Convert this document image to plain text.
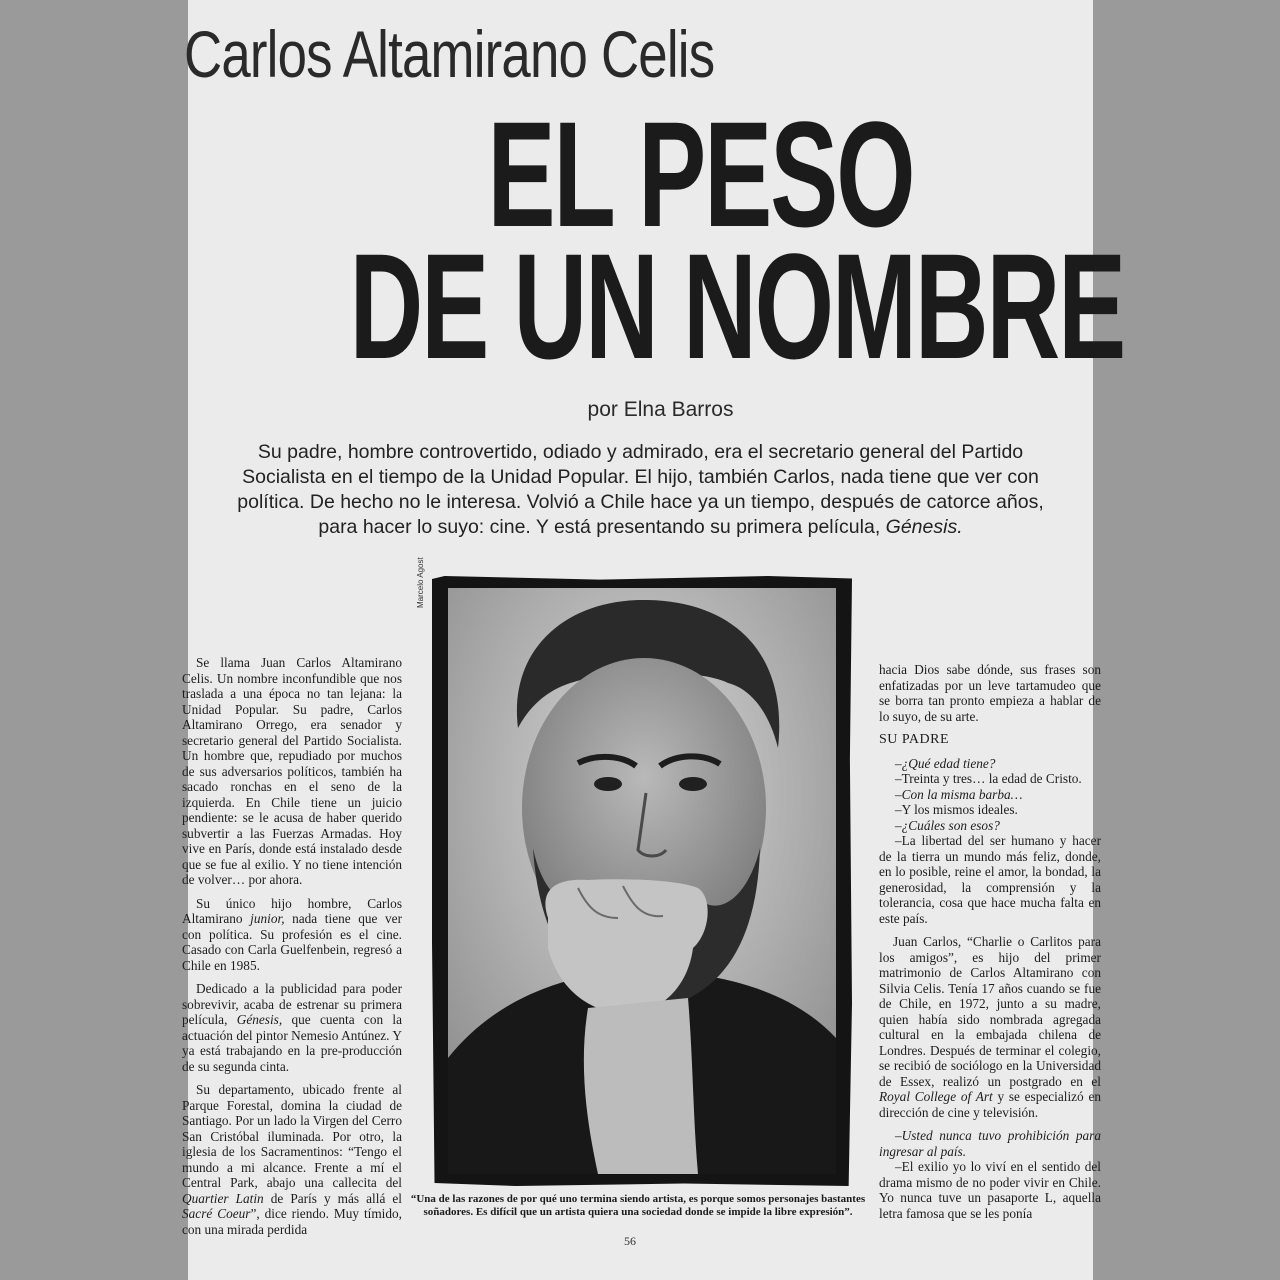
Carlos Altamirano Celis
EL PESO
DE UN NOMBRE
por Elna Barros
Su padre, hombre controvertido, odiado y admirado, era el secretario general del Partido Socialista en el tiempo de la Unidad Popular. El hijo, también Carlos, nada tiene que ver con política. De hecho no le interesa. Volvió a Chile hace ya un tiempo, después de catorce años, para hacer lo suyo: cine. Y está presentando su primera película, Génesis.

Se llama Juan Carlos Altamirano Celis. Un nombre inconfundible que nos traslada a una época no tan lejana: la Unidad Popular. Su padre, Carlos Altamirano Orrego, era senador y secretario general del Partido Socialista. Un hombre que, repudiado por muchos de sus adversarios políticos, también ha sacado ronchas en el seno de la izquierda. En Chile tiene un juicio pendiente: se le acusa de haber querido subvertir a las Fuerzas Armadas. Hoy vive en París, donde está instalado desde que se fue al exilio. Y no tiene intención de volver… por ahora.

Su único hijo hombre, Carlos Altamirano junior, nada tiene que ver con política. Su profesión es el cine. Casado con Carla Guelfenbein, regresó a Chile en 1985.

Dedicado a la publicidad para poder sobrevivir, acaba de estrenar su primera película, Génesis, que cuenta con la actuación del pintor Nemesio Antúnez. Y ya está trabajando en la pre-producción de su segunda cinta.

Su departamento, ubicado frente al Parque Forestal, domina la ciudad de Santiago. Por un lado la Virgen del Cerro San Cristóbal iluminada. Por otro, la iglesia de los Sacramentinos: “Tengo el mundo a mi alcance. Frente a mí el Central Park, abajo una callecita del Quartier Latin de París y más allá el Sacré Coeur”, dice riendo. Muy tímido, con una mirada perdida

Marcelo Agost
“Una de las razones de por qué uno termina siendo artista, es porque somos personajes bastantes soñadores. Es difícil que un artista quiera una sociedad donde se impide la libre expresión”.

hacia Dios sabe dónde, sus frases son enfatizadas por un leve tartamudeo que se borra tan pronto empieza a hablar de lo suyo, de su arte.

SU PADRE

–¿Qué edad tiene?

–Treinta y tres… la edad de Cristo.

–Con la misma barba…

–Y los mismos ideales.

–¿Cuáles son esos?

–La libertad del ser humano y hacer de la tierra un mundo más feliz, donde, en lo posible, reine el amor, la bondad, la generosidad, la comprensión y la tolerancia, cosa que hace mucha falta en este país.

Juan Carlos, “Charlie o Carlitos para los amigos”, es hijo del primer matrimonio de Carlos Altamirano con Silvia Celis. Tenía 17 años cuando se fue de Chile, en 1972, junto a su madre, quien había sido nombrada agregada cultural en la embajada chilena de Londres. Después de terminar el colegio, se recibió de sociólogo en la Universidad de Essex, realizó un postgrado en el Royal College of Art y se especializó en dirección de cine y televisión.

–Usted nunca tuvo prohibición para ingresar al país.

–El exilio yo lo viví en el sentido del drama mismo de no poder vivir en Chile. Yo nunca tuve un pasaporte L, aquella letra famosa que se les ponía

56
